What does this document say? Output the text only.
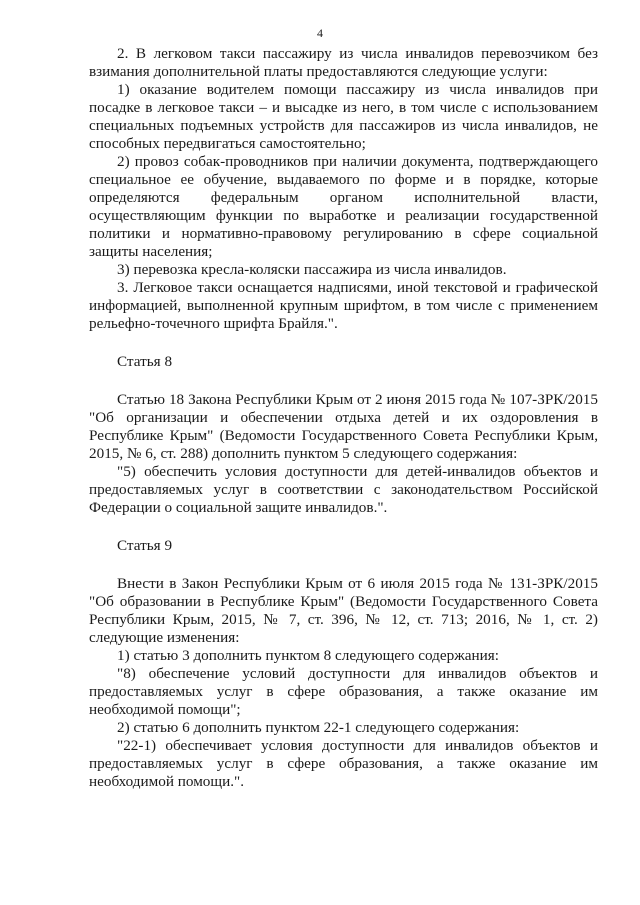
4

2. В легковом такси пассажиру из числа инвалидов перевозчиком без взимания дополнительной платы предоставляются следующие услуги:

1) оказание водителем помощи пассажиру из числа инвалидов при посадке в легковое такси – и высадке из него, в том числе с использованием специальных подъемных устройств для пассажиров из числа инвалидов, не способных передвигаться самостоятельно;

2) провоз собак-проводников при наличии документа, подтверждающего специальное ее обучение, выдаваемого по форме и в порядке, которые определяются федеральным органом исполнительной власти, осуществляющим функции по выработке и реализации государственной политики и нормативно-правовому регулированию в сфере социальной защиты населения;

3) перевозка кресла-коляски пассажира из числа инвалидов.

3. Легковое такси оснащается надписями, иной текстовой и графической информацией, выполненной крупным шрифтом, в том числе с применением рельефно-точечного шрифта Брайля.".

Статья 8

Статью 18 Закона Республики Крым от 2 июня 2015 года № 107-ЗРК/2015 "Об организации и обеспечении отдыха детей и их оздоровления в Республике Крым" (Ведомости Государственного Совета Республики Крым, 2015, № 6, ст. 288) дополнить пунктом 5 следующего содержания:

"5) обеспечить условия доступности для детей-инвалидов объектов и предоставляемых услуг в соответствии с законодательством Российской Федерации о социальной защите инвалидов.".

Статья 9

Внести в Закон Республики Крым от 6 июля 2015 года № 131-ЗРК/2015 "Об образовании в Республике Крым" (Ведомости Государственного Совета Республики Крым, 2015, № 7, ст. 396, № 12, ст. 713; 2016, № 1, ст. 2) следующие изменения:

1) статью 3 дополнить пунктом 8 следующего содержания:

"8) обеспечение условий доступности для инвалидов объектов и предоставляемых услуг в сфере образования, а также оказание им необходимой помощи";

2) статью 6 дополнить пунктом 22-1 следующего содержания:

"22-1) обеспечивает условия доступности для инвалидов объектов и предоставляемых услуг в сфере образования, а также оказание им необходимой помощи.".
